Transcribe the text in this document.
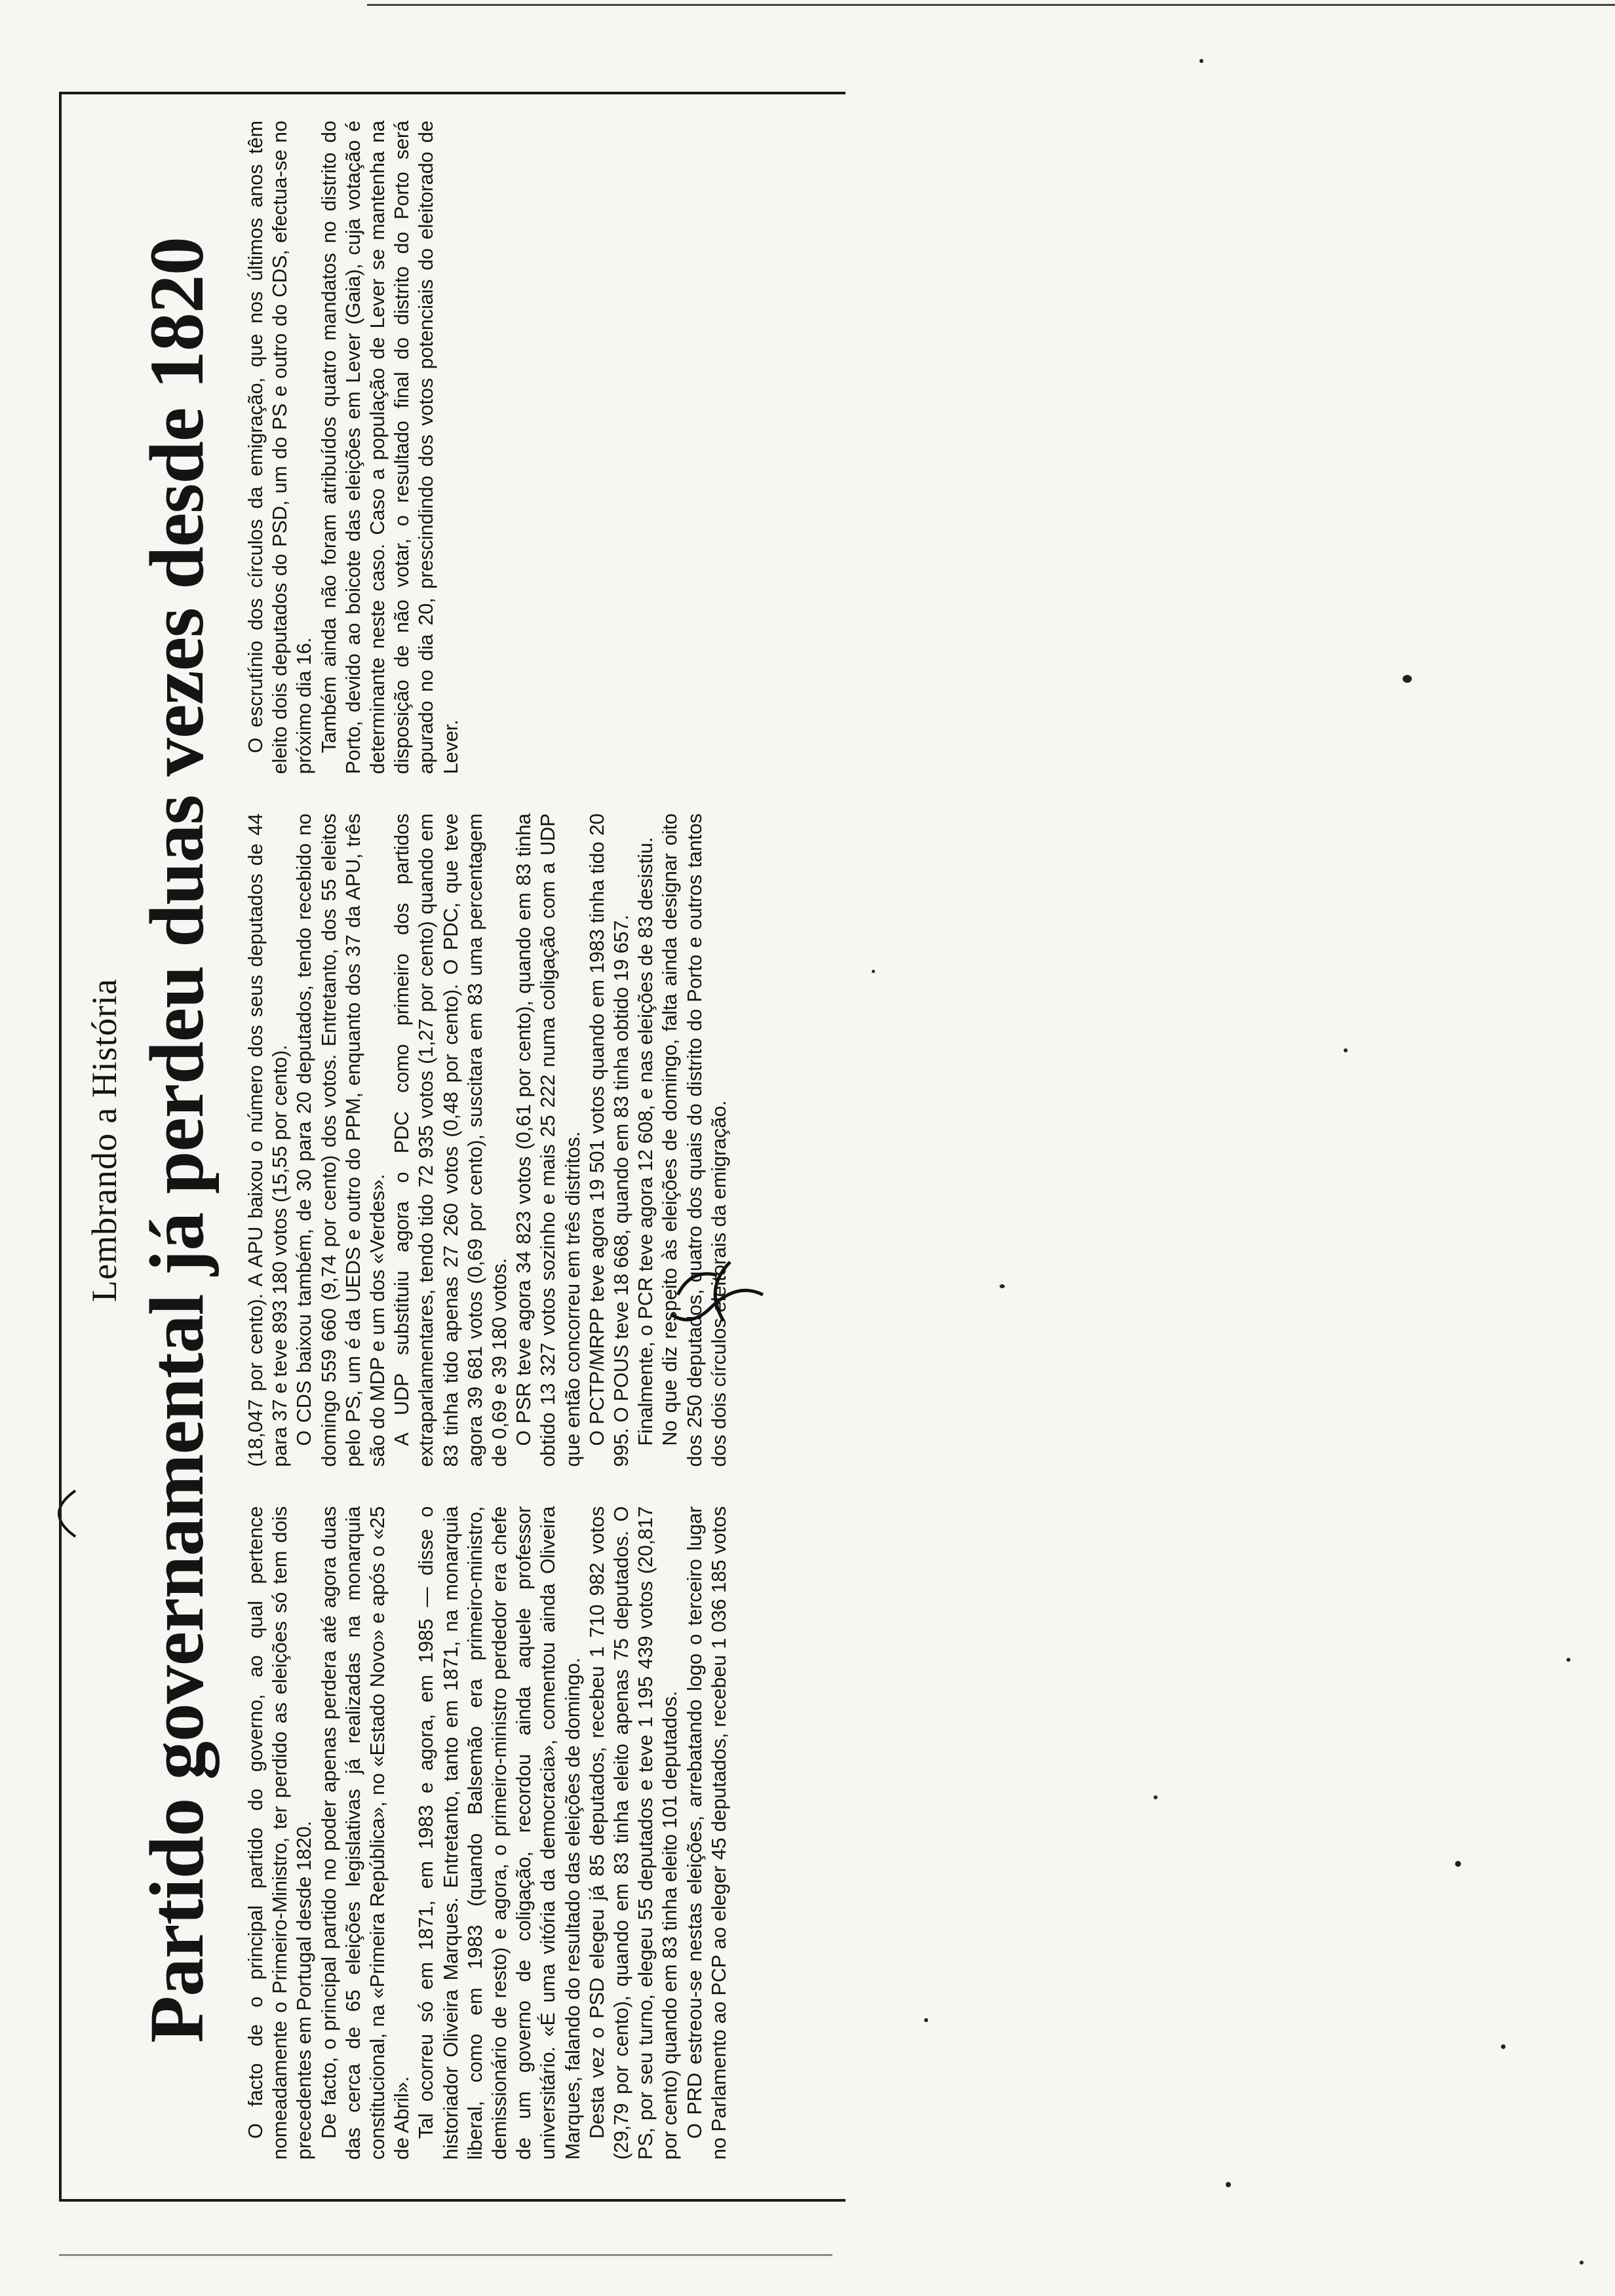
Lembrando a História Partido governamental já perdeu duas vezes desde 1820 O facto de o principal partido do governo, ao qual pertence nomeadamente o Primeiro-Ministro, ter perdido as eleições só tem dois precedentes em Portugal desde 1820. De facto, o principal partido no poder apenas perdera até agora duas das cerca de 65 eleições legislativas já realizadas na monarquia constitucional, na «Primeira República», no «Estado Novo» e após o «25 de Abril». Tal ocorreu só em 1871, em 1983 e agora, em 1985 — disse o historiador Oliveira Marques. Entretanto, tanto em 1871, na monarquia liberal, como em 1983 (quando Balsemão era primeiro-ministro, demissionário de resto) e agora, o primeiro-ministro perdedor era chefe de um governo de coligação, recordou ainda aquele professor universitário. «É uma vitória da democracia», comentou ainda Oliveira Marques, falando do resultado das eleições de domingo. Desta vez o PSD elegeu já 85 deputados, recebeu 1 710 982 votos (29,79 por cento), quando em 83 tinha eleito apenas 75 deputados. O PS, por seu turno, elegeu 55 deputados e teve 1 195 439 votos (20,817 por cento) quando em 83 tinha eleito 101 deputados. O PRD estreou-se nestas eleições, arrebatando logo o terceiro lugar no Parlamento ao PCP ao eleger 45 deputados, recebeu 1 036 185 votos (18,047 por cento). A APU baixou o número dos seus deputados de 44 para 37 e teve 893 180 votos (15,55 por cento). O CDS baixou também, de 30 para 20 deputados, tendo recebido no domingo 559 660 (9,74 por cento) dos votos. Entretanto, dos 55 eleitos pelo PS, um é da UEDS e outro do PPM, enquanto dos 37 da APU, três são do MDP e um dos «Verdes». A UDP substituiu agora o PDC como primeiro dos partidos extraparlamentares, tendo tido 72 935 votos (1,27 por cento) quando em 83 tinha tido apenas 27 260 votos (0,48 por cento). O PDC, que teve agora 39 681 votos (0,69 por cento), suscitara em 83 uma percentagem de 0,69 e 39 180 votos. O PSR teve agora 34 823 votos (0,61 por cento), quando em 83 tinha obtido 13 327 votos sozinho e mais 25 222 numa coligação com a UDP que então concorreu em três distritos. O PCTP/MRPP teve agora 19 501 votos quando em 1983 tinha tido 20 995. O POUS teve 18 668, quando em 83 tinha obtido 19 657. Finalmente, o PCR teve agora 12 608, e nas eleições de 83 desistiu. No que diz respeito às eleições de domingo, falta ainda designar oito dos 250 deputados, quatro dos quais do distrito do Porto e outros tantos dos dois círculos eleitorais da emigração.

O escrutínio dos círculos da emigração, que nos últimos anos têm eleito dois deputados do PSD, um do PS e outro do CDS, efectua-se no próximo dia 16. Também ainda não foram atribuídos quatro mandatos no distrito do Porto, devido ao boicote das eleições em Lever (Gaia), cuja votação é determinante neste caso. Caso a população de Lever se mantenha na disposição de não votar, o resultado final do distrito do Porto será apurado no dia 20, prescindindo dos votos potenciais do eleitorado de Lever.
